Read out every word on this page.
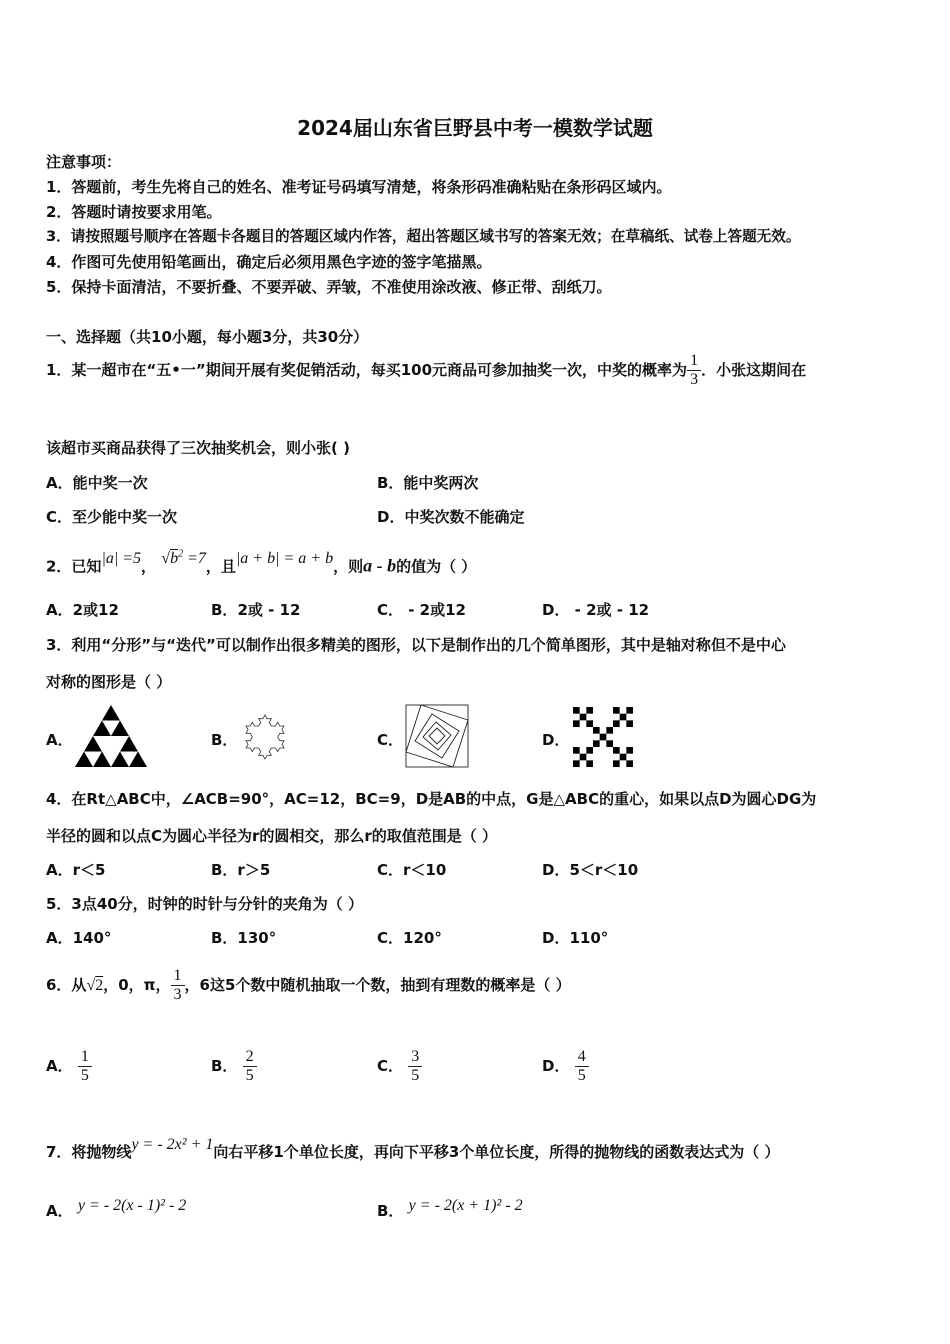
2024届山东省巨野县中考一模数学试题
注意事项：
1．答题前，考生先将自己的姓名、准考证号码填写清楚，将条形码准确粘贴在条形码区域内。
2．答题时请按要求用笔。
3．请按照题号顺序在答题卡各题目的答题区域内作答，超出答题区域书写的答案无效；在草稿纸、试卷上答题无效。
4．作图可先使用铅笔画出，确定后必须用黑色字迹的签字笔描黑。
5．保持卡面清洁，不要折叠、不要弄破、弄皱，不准使用涂改液、修正带、刮纸刀。
一、选择题（共10小题，每小题3分，共30分）
1．某一超市在“五•一”期间开展有奖促销活动，每买100元商品可参加抽奖一次，中奖的概率为 $\frac{1}{3}$ ．小张这期间在
该超市买商品获得了三次抽奖机会，则小张( )
A．能中奖一次	B．能中奖两次
C．至少能中奖一次	D．中奖次数不能确定
2．已知|a| =5， $√b^2 =7$，且|a + b| = a + b，则a - b的值为（ ）
A．2或12	B．2或 - 12	C． - 2或12	D． - 2或 - 12
3．利用“分形”与“迭代”可以制作出很多精美的图形，以下是制作出的几个简单图形，其中是轴对称但不是中心
对称的图形是（ ）
A．	B．	C．	D．
4．在Rt△ABC中，∠ACB=90°，AC=12，BC=9，D是AB的中点，G是△ABC的重心，如果以点D为圆心DG为
半径的圆和以点C为圆心半径为r的圆相交，那么r的取值范围是（ ）
A．r＜5	B．r＞5	C．r＜10	D．5＜r＜10
5．3点40分，时钟的时针与分针的夹角为（ ）
A．140°	B．130°	C．120°	D．110°
6．从√2，0，π， $\frac{1}{3}$ ，6这5个数中随机抽取一个数，抽到有理数的概率是（ ）
A． $\frac{1}{5}$	B． $\frac{2}{5}$	C． $\frac{3}{5}$	D． $\frac{4}{5}$
7．将抛物线y = - 2x² + 1向右平移1个单位长度，再向下平移3个单位长度，所得的抛物线的函数表达式为（ ）
A． y = - 2(x - 1)² - 2	B． y = - 2(x + 1)² - 2
